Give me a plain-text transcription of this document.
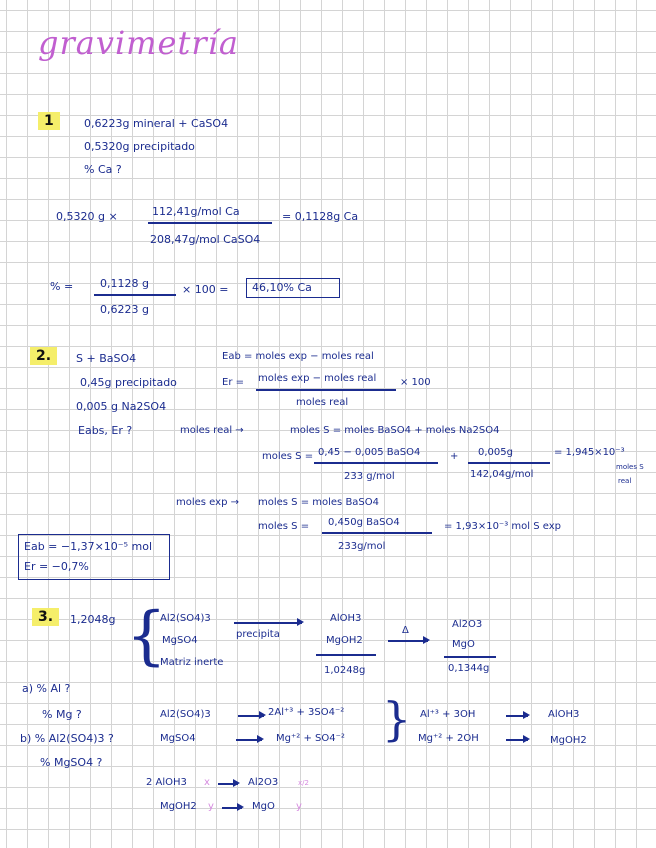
gravimetría
1	0,6223g mineral + CaSO4
0,5320g precipitado
% Ca ?
0,5320 g ×	112,41g/mol Ca
208,47g/mol CaSO4
= 0,1128g Ca
% = 0,1128 g
0,6223 g
× 100 = 46,10% Ca
2.	S + BaSO4
0,45g precipitado
0,005 g Na2SO4
Eabs, Er ?
Eab = moles exp − moles real
Er = moles exp − moles real
moles real
× 100
moles real →	moles S = moles BaSO4 + moles Na2SO4
moles S = 0,45 − 0,005 BaSO4
233 g/mol
+ 0,005g
142,04g/mol
= 1,945×10⁻³
moles S
real
moles exp → moles S = moles BaSO4
moles S = 0,450g BaSO4
233g/mol
= 1,93×10⁻³ mol S exp
Eab = −1,37×10⁻⁵ mol
Er = −0,7%
3.	1,2048g {
Al2(SO4)3
MgSO4
Matriz inerte
precipita
AlOH3
MgOH2
1,0248g
Δ
Al2O3
MgO
0,1344g
a) % Al ?
% Mg ?
b) % Al2(SO4)3 ?
% MgSO4 ?
Al2(SO4)3	2Al⁺³ + 3SO4⁻²
MgSO4	Mg⁺² + SO4⁻² } Al⁺³ + 3OH	AlOH3
Mg⁺² + 2OH	MgOH2
2 AlOH3 x	Al2O3	x/2
MgOH2 y	MgO y
